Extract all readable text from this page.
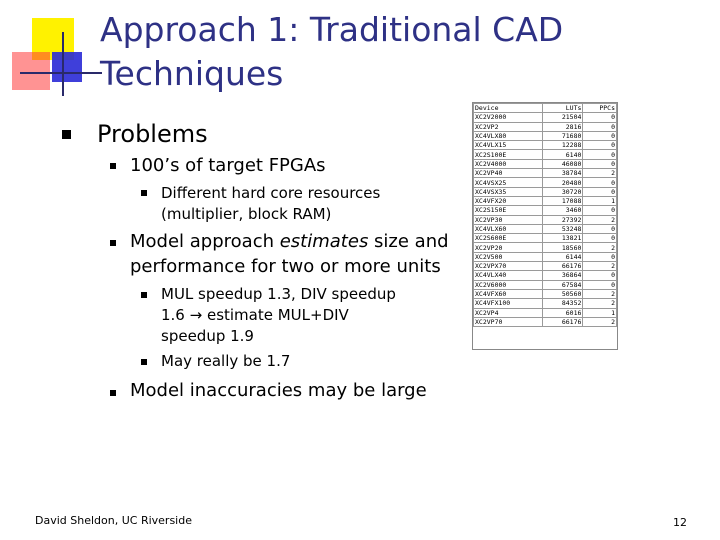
Approach 1: Traditional CAD Techniques
Problems
100’s of target FPGAs
Different hard core resources
(multiplier, block RAM)
Model approach estimates size and
performance for two or more units
MUL speedup 1.3, DIV speedup
1.6 → estimate MUL+DIV
speedup 1.9
May really be 1.7
Model inaccuracies may be large
Device	LUTs	PPCs
XC2V2000	21504	0
XC2VP2	2816	0
XC4VLX80	71680	0
XC4VLX15	12288	0
XC2S100E	6140	0
XC2V4000	46080	0
XC2VP40	38784	2
XC4VSX25	20480	0
XC4VSX35	30720	0
XC4VFX20	17088	1
XC2S150E	3460	0
XC2VP30	27392	2
XC4VLX60	53248	0
XC2S600E	13821	0
XC2VP20	18560	2
XC2V500	6144	0
XC2VPX70	66176	2
XC4VLX40	36864	0
XC2V6000	67584	0
XC4VFX60	50560	2
XC4VFX100	84352	2
XC2VP4	6016	1
XC2VP70	66176	2
David Sheldon, UC Riverside	12
